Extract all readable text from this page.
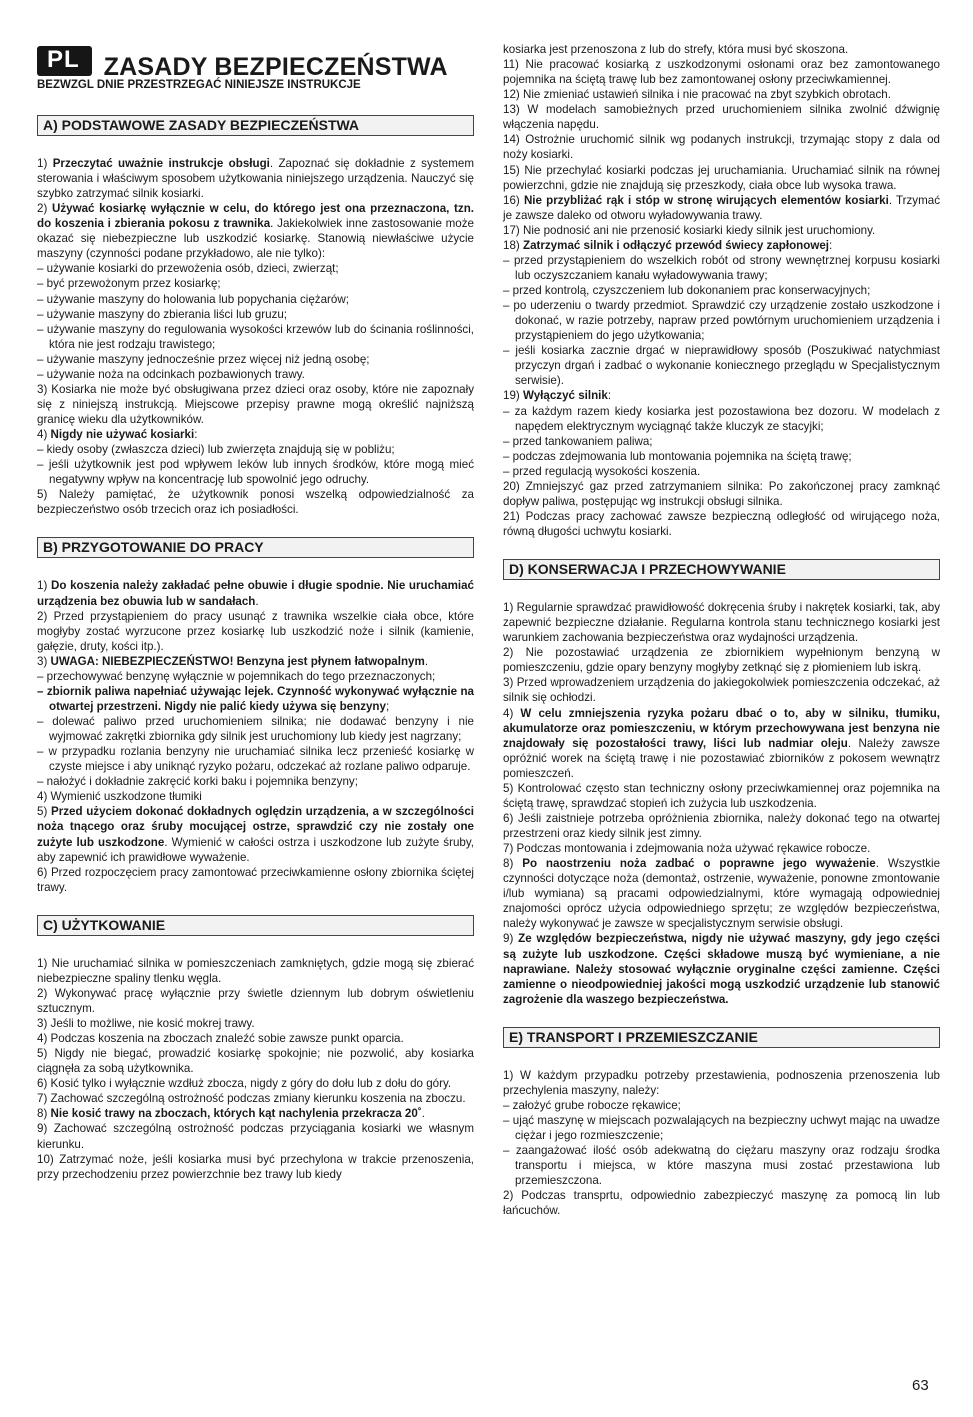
PL ZASADY BEZPIECZEŃSTWA
BEZWZGL DNIE PRZESTRZEGAĆ NINIEJSZE INSTRUKCJE
A) PODSTAWOWE ZASADY BEZPIECZEŃSTWA

1) Przeczytać uważnie instrukcje obsługi. Zapoznać się dokładnie z systemem sterowania i właściwym sposobem użytkowania niniejszego urządzenia. Nauczyć się szybko zatrzymać silnik kosiarki.

2) Używać kosiarkę wyłącznie w celu, do którego jest ona przeznaczona, tzn. do koszenia i zbierania pokosu z trawnika. Jakiekolwiek inne zastosowanie może okazać się niebezpieczne lub uszkodzić kosiarkę. Stanowią niewłaściwe użycie maszyny (czynności podane przykładowo, ale nie tylko):

– używanie kosiarki do przewożenia osób, dzieci, zwierząt;

– być przewożonym przez kosiarkę;

– używanie maszyny do holowania lub popychania ciężarów;

– używanie maszyny do zbierania liści lub gruzu;

– używanie maszyny do regulowania wysokości krzewów lub do ścinania roślinności, która nie jest rodzaju trawistego;

– używanie maszyny jednocześnie przez więcej niż jedną osobę;

– używanie noża na odcinkach pozbawionych trawy.

3) Kosiarka nie może być obsługiwana przez dzieci oraz osoby, które nie zapoznały się z niniejszą instrukcją. Miejscowe przepisy prawne mogą określić najniższą granicę wieku dla użytkowników.

4) Nigdy nie używać kosiarki:

– kiedy osoby (zwłaszcza dzieci) lub zwierzęta znajdują się w pobliżu;

– jeśli użytkownik jest pod wpływem leków lub innych środków, które mogą mieć negatywny wpływ na koncentrację lub spowolnić jego odruchy.

5) Należy pamiętać, że użytkownik ponosi wszelką odpowiedzialność za bezpieczeństwo osób trzecich oraz ich posiadłości.

B) PRZYGOTOWANIE DO PRACY

1) Do koszenia należy zakładać pełne obuwie i długie spodnie. Nie uruchamiać urządzenia bez obuwia lub w sandałach.

2) Przed przystąpieniem do pracy usunąć z trawnika wszelkie ciała obce, które mogłyby zostać wyrzucone przez kosiarkę lub uszkodzić noże i silnik (kamienie, gałęzie, druty, kości itp.).

3) UWAGA: NIEBEZPIECZEŃSTWO! Benzyna jest płynem łatwopalnym.

– przechowywać benzynę wyłącznie w pojemnikach do tego przeznaczonych;

– zbiornik paliwa napełniać używając lejek. Czynność wykonywać wyłącznie na otwartej przestrzeni. Nigdy nie palić kiedy używa się benzyny;

– dolewać paliwo przed uruchomieniem silnika; nie dodawać benzyny i nie wyjmować zakrętki zbiornika gdy silnik jest uruchomiony lub kiedy jest nagrzany;

– w przypadku rozlania benzyny nie uruchamiać silnika lecz przenieść kosiarkę w czyste miejsce i aby uniknąć ryzyko pożaru, odczekać aż rozlane paliwo odparuje.

– nałożyć i dokładnie zakręcić korki baku i pojemnika benzyny;

4) Wymienić uszkodzone tłumiki

5) Przed użyciem dokonać dokładnych oględzin urządzenia, a w szczególności noża tnącego oraz śruby mocującej ostrze, sprawdzić czy nie zostały one zużyte lub uszkodzone. Wymienić w całości ostrza i uszkodzone lub zużyte śruby, aby zapewnić ich prawidłowe wyważenie.

6) Przed rozpoczęciem pracy zamontować przeciwkamienne osłony zbiornika ściętej trawy.

C) UŻYTKOWANIE

1) Nie uruchamiać silnika w pomieszczeniach zamkniętych, gdzie mogą się zbierać niebezpieczne spaliny tlenku węgla.

2) Wykonywać pracę wyłącznie przy świetle dziennym lub dobrym oświetleniu sztucznym.

3) Jeśli to możliwe, nie kosić mokrej trawy.

4) Podczas koszenia na zboczach znaleźć sobie zawsze punkt oparcia.

5) Nigdy nie biegać, prowadzić kosiarkę spokojnie; nie pozwolić, aby kosiarka ciągnęła za sobą użytkownika.

6) Kosić tylko i wyłącznie wzdłuż zbocza, nigdy z góry do dołu lub z dołu do góry.

7) Zachować szczególną ostrożność podczas zmiany kierunku koszenia na zboczu.

8) Nie kosić trawy na zboczach, których kąt nachylenia przekracza 20˚.

9) Zachować szczególną ostrożność podczas przyciągania kosiarki we własnym kierunku.

10) Zatrzymać noże, jeśli kosiarka musi być przechylona w trakcie przenoszenia, przy przechodzeniu przez powierzchnie bez trawy lub kiedy

kosiarka jest przenoszona z lub do strefy, która musi być skoszona.

11) Nie pracować kosiarką z uszkodzonymi osłonami oraz bez zamontowanego pojemnika na ściętą trawę lub bez zamontowanej osłony przeciwkamiennej.

12) Nie zmieniać ustawień silnika i nie pracować na zbyt szybkich obrotach.

13) W modelach samobieżnych przed uruchomieniem silnika zwolnić dźwignię włączenia napędu.

14) Ostrożnie uruchomić silnik wg podanych instrukcji, trzymając stopy z dala od noży kosiarki.

15) Nie przechylać kosiarki podczas jej uruchamiania. Uruchamiać silnik na równej powierzchni, gdzie nie znajdują się przeszkody, ciała obce lub wysoka trawa.

16) Nie przybliżać rąk i stóp w stronę wirujących elementów kosiarki. Trzymać je zawsze daleko od otworu wyładowywania trawy.

17) Nie podnosić ani nie przenosić kosiarki kiedy silnik jest uruchomiony.

18) Zatrzymać silnik i odłączyć przewód świecy zapłonowej:

– przed przystąpieniem do wszelkich robót od strony wewnętrznej korpusu kosiarki lub oczyszczaniem kanału wyładowywania trawy;

– przed kontrolą, czyszczeniem lub dokonaniem prac konserwacyjnych;

– po uderzeniu o twardy przedmiot. Sprawdzić czy urządzenie zostało uszkodzone i dokonać, w razie potrzeby, napraw przed powtórnym uruchomieniem urządzenia i przystąpieniem do jego użytkowania;

– jeśli kosiarka zacznie drgać w nieprawidłowy sposób (Poszukiwać natychmiast przyczyn drgań i zadbać o wykonanie koniecznego przeglądu w Specjalistycznym serwisie).

19) Wyłączyć silnik:

– za każdym razem kiedy kosiarka jest pozostawiona bez dozoru. W modelach z napędem elektrycznym wyciągnąć także kluczyk ze stacyjki;

– przed tankowaniem paliwa;

– podczas zdejmowania lub montowania pojemnika na ściętą trawę;

– przed regulacją wysokości koszenia.

20) Zmniejszyć gaz przed zatrzymaniem silnika: Po zakończonej pracy zamknąć dopływ paliwa, postępując wg instrukcji obsługi silnika.

21) Podczas pracy zachować zawsze bezpieczną odległość od wirującego noża, równą długości uchwytu kosiarki.

D) KONSERWACJA I PRZECHOWYWANIE

1) Regularnie sprawdzać prawidłowość dokręcenia śruby i nakrętek kosiarki, tak, aby zapewnić bezpieczne działanie. Regularna kontrola stanu technicznego kosiarki jest warunkiem zachowania bezpieczeństwa oraz wydajności urządzenia.

2) Nie pozostawiać urządzenia ze zbiornikiem wypełnionym benzyną w pomieszczeniu, gdzie opary benzyny mogłyby zetknąć się z płomieniem lub iskrą.

3) Przed wprowadzeniem urządzenia do jakiegokolwiek pomieszczenia odczekać, aż silnik się ochłodzi.

4) W celu zmniejszenia ryzyka pożaru dbać o to, aby w silniku, tłumiku, akumulatorze oraz pomieszczeniu, w którym przechowywana jest benzyna nie znajdowały się pozostałości trawy, liści lub nadmiar oleju. Należy zawsze opróżnić worek na ściętą trawę i nie pozostawiać zbiorników z pokosem wewnątrz pomieszczeń.

5) Kontrolować często stan techniczny osłony przeciwkamiennej oraz pojemnika na ściętą trawę, sprawdzać stopień ich zużycia lub uszkodzenia.

6) Jeśli zaistnieje potrzeba opróżnienia zbiornika, należy dokonać tego na otwartej przestrzeni oraz kiedy silnik jest zimny.

7) Podczas montowania i zdejmowania noża używać rękawice robocze.

8) Po naostrzeniu noża zadbać o poprawne jego wyważenie. Wszystkie czynności dotyczące noża (demontaż, ostrzenie, wyważenie, ponowne zmontowanie i/lub wymiana) są pracami odpowiedzialnymi, które wymagają odpowiedniej znajomości oprócz użycia odpowiedniego sprzętu; ze względów bezpieczeństwa, należy wykonywać je zawsze w specjalistycznym serwisie obsługi.

9) Ze względów bezpieczeństwa, nigdy nie używać maszyny, gdy jego części są zużyte lub uszkodzone. Części składowe muszą być wymieniane, a nie naprawiane. Należy stosować wyłącznie oryginalne części zamienne. Części zamienne o nieodpowiedniej jakości mogą uszkodzić urządzenie lub stanowić zagrożenie dla waszego bezpieczeństwa.

E) TRANSPORT I PRZEMIESZCZANIE

1) W każdym przypadku potrzeby przestawienia, podnoszenia przenoszenia lub przechylenia maszyny, należy:

– założyć grube robocze rękawice;

– ująć maszynę w miejscach pozwalających na bezpieczny uchwyt mając na uwadze ciężar i jego rozmieszczenie;

– zaangażować ilość osób adekwatną do ciężaru maszyny oraz rodzaju środka transportu i miejsca, w które maszyna musi zostać przestawiona lub przemieszczona.

2) Podczas transprtu, odpowiednio zabezpieczyć maszynę za pomocą lin lub łańcuchów.

63
